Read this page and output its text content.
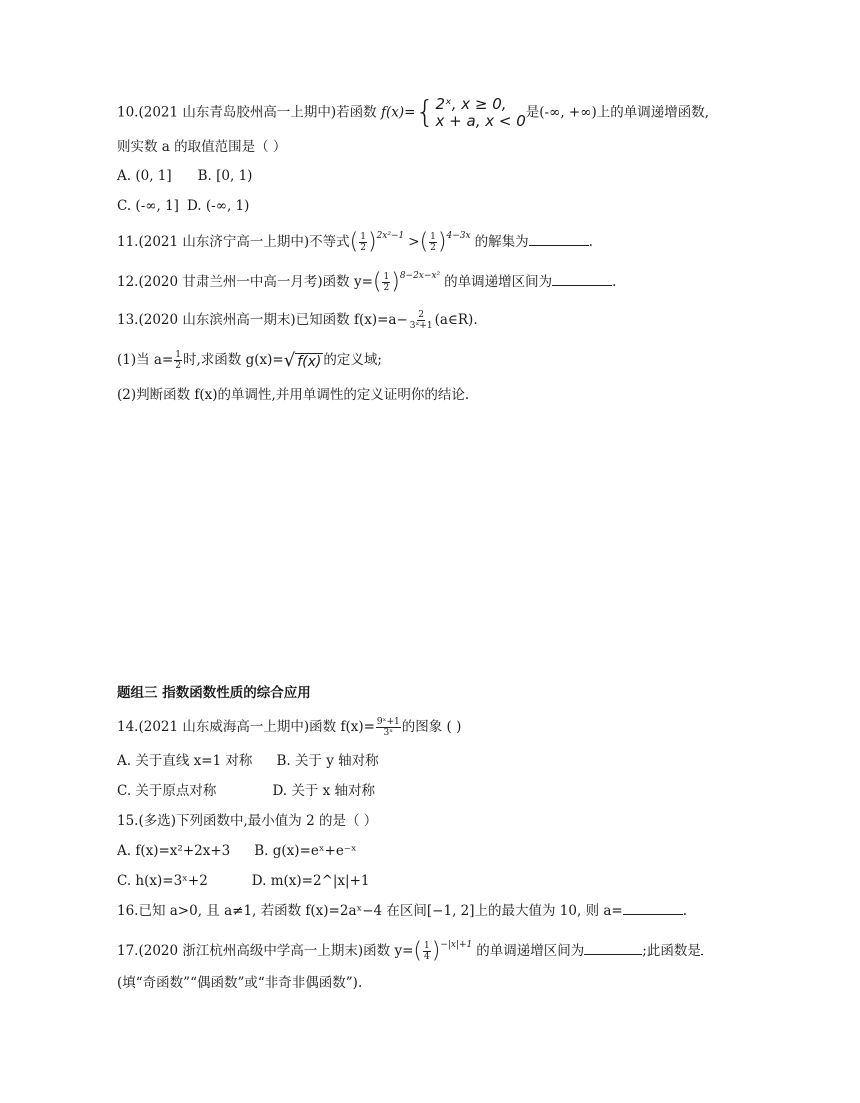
10.(2021 山东青岛胶州高一上期中)若函数 f(x)= { 2ˣ, x ≥ 0,
x + a, x < 0 是(-∞, +∞)上的单调递增函数,
则实数 a 的取值范围是（ ）
A. (0, 1] B. [0, 1)
C. (-∞, 1] D. (-∞, 1)
11.(2021 山东济宁高一上期中)不等式( $\frac{1}{2} )^{2x^2-1}$ >( $\frac{1}{2} )^{4-3x}$ 的解集为	.
12.(2020 甘肃兰州一中高一月考)函数 $y=( \frac{1}{2} )^{8-2x-x^2}$ 的单调递增区间为	.
13.(2020 山东滨州高一期末)已知函数 $f(x)=a- \frac{2}{\text{3ˣ+1}}$ (a∈R).
(1)当 $a= \frac{1}{2}$ 时,求函数 g(x)= √ f(x) 的定义域;
(2)判断函数 f(x)的单调性,并用单调性的定义证明你的结论.
题组三 指数函数性质的综合应用
14.(2021 山东威海高一上期中)函数 $f(x)= \frac{\text{9ˣ+1}}{\text{3ˣ}}$ 的图象 ( )
A. 关于直线 x=1 对称 B. 关于 y 轴对称
C. 关于原点对称	D. 关于 x 轴对称
15.(多选)下列函数中,最小值为 2 的是（ ）
A. f(x)=x²+2x+3 B. g(x)=eˣ+e⁻ˣ
C. h(x)=3ˣ+2	D. m(x)=2^|x|+1
16.已知 a>0, 且 a≠1, 若函数 f(x)=2aˣ−4 在区间[−1, 2]上的最大值为 10, 则 a=	.
17.(2020 浙江杭州高级中学高一上期末)函数 $y=( \frac{1}{4} )^{-|x|+1}$ 的单调递增区间为	;此函数是
(填“奇函数”“偶函数”或“非奇非偶函数”).
